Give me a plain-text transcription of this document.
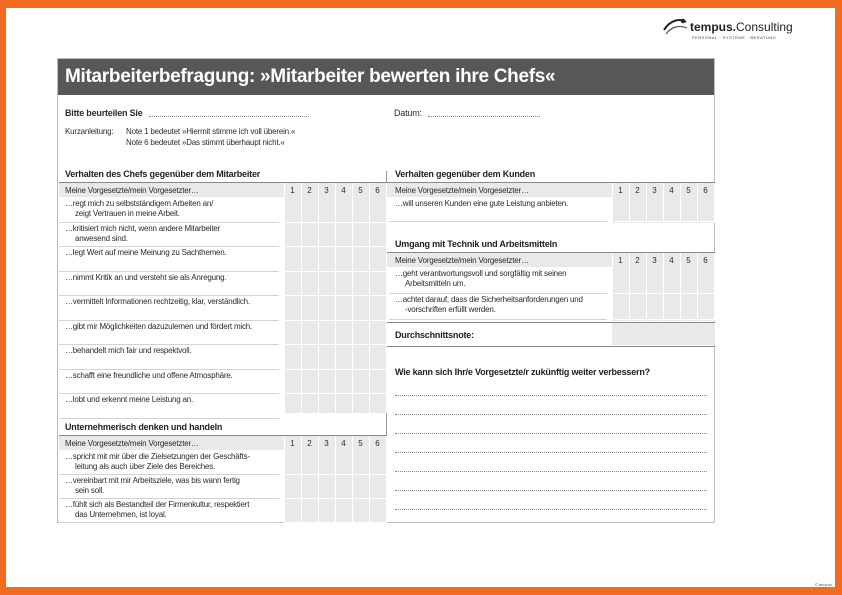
tempus.Consulting
PERSONAL · SYSTEME · BERATUNG
Mitarbeiterbefragung: »Mitarbeiter bewerten ihre Chefs«
Bitte beurteilen Sie	Datum:
Kurzanleitung: Note 1 bedeutet »Hiermit stimme ich voll überein.«
Note 6 bedeutet »Das stimmt überhaupt nicht.«
Verhalten des Chefs gegenüber dem Mitarbeiter
Meine Vorgesetzte/mein Vorgesetzter…	1	2	3	4	5	6
…regt mich zu selbstständigem Arbeiten an/
zeigt Vertrauen in meine Arbeit.
…kritisiert mich nicht, wenn andere Mitarbeiter
anwesend sind.
…legt Wert auf meine Meinung zu Sachthemen.
…nimmt Kritik an und versteht sie als Anregung.
…vermittelt Informationen rechtzeitig, klar, verständlich.
…gibt mir Möglichkeiten dazuzulernen und fördert mich.
…behandelt mich fair und respektvoll.
…schafft eine freundliche und offene Atmosphäre.
…lobt und erkennt meine Leistung an.
Unternehmerisch denken und handeln
Meine Vorgesetzte/mein Vorgesetzter…	1	2	3	4	5	6
…spricht mit mir über die Zielsetzungen der Geschäfts-
leitung als auch über Ziele des Bereiches.
…vereinbart mit mir Arbeitsziele, was bis wann fertig
sein soll.
…fühlt sich als Bestandteil der Firmenkultur, respektiert
das Unternehmen, ist loyal.
Verhalten gegenüber dem Kunden
Meine Vorgesetzte/mein Vorgesetzter…	1	2	3	4	5	6
…will unseren Kunden eine gute Leistung anbieten.
Umgang mit Technik und Arbeitsmitteln
Meine Vorgesetzte/mein Vorgesetzter…	1	2	3	4	5	6
…geht verantwortungsvoll und sorgfältig mit seinen
Arbeitsmitteln um.
…achtet darauf, dass die Sicherheitsanforderungen und
-vorschriften erfüllt werden.
Durchschnittsnote:
Wie kann sich Ihr/e Vorgesetzte/r zukünftig weiter verbessern?
© tempus
